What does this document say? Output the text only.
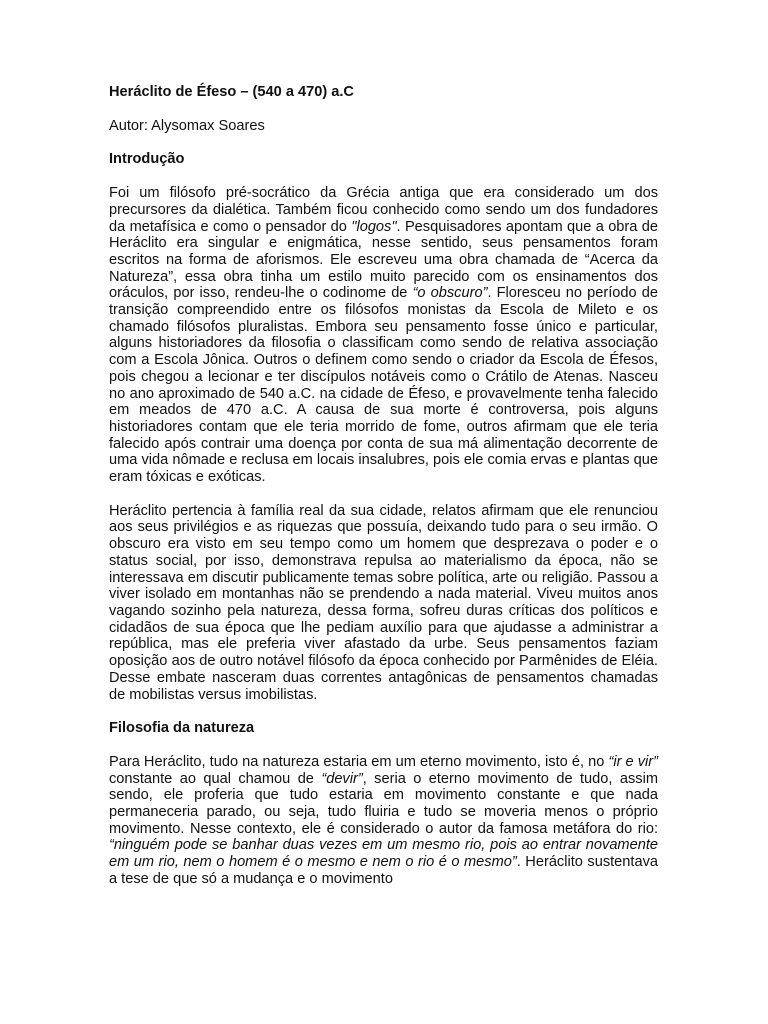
Heráclito de Éfeso – (540 a 470) a.C

Autor: Alysomax Soares

Introdução

Foi um filósofo pré-socrático da Grécia antiga que era considerado um dos precursores da dialética. Também ficou conhecido como sendo um dos fundadores da metafísica e como o pensador do "logos". Pesquisadores apontam que a obra de Heráclito era singular e enigmática, nesse sentido, seus pensamentos foram escritos na forma de aforismos. Ele escreveu uma obra chamada de “Acerca da Natureza”, essa obra tinha um estilo muito parecido com os ensinamentos dos oráculos, por isso, rendeu-lhe o codinome de “o obscuro”. Floresceu no período de transição compreendido entre os filósofos monistas da Escola de Mileto e os chamado filósofos pluralistas. Embora seu pensamento fosse único e particular, alguns historiadores da filosofia o classificam como sendo de relativa associação com a Escola Jônica. Outros o definem como sendo o criador da Escola de Éfesos, pois chegou a lecionar e ter discípulos notáveis como o Crátilo de Atenas. Nasceu no ano aproximado de 540 a.C. na cidade de Éfeso, e provavelmente tenha falecido em meados de 470 a.C. A causa de sua morte é controversa, pois alguns historiadores contam que ele teria morrido de fome, outros afirmam que ele teria falecido após contrair uma doença por conta de sua má alimentação decorrente de uma vida nômade e reclusa em locais insalubres, pois ele comia ervas e plantas que eram tóxicas e exóticas.

Heráclito pertencia à família real da sua cidade, relatos afirmam que ele renunciou aos seus privilégios e as riquezas que possuía, deixando tudo para o seu irmão. O obscuro era visto em seu tempo como um homem que desprezava o poder e o status social, por isso, demonstrava repulsa ao materialismo da época, não se interessava em discutir publicamente temas sobre política, arte ou religião. Passou a viver isolado em montanhas não se prendendo a nada material. Viveu muitos anos vagando sozinho pela natureza, dessa forma, sofreu duras críticas dos políticos e cidadãos de sua época que lhe pediam auxílio para que ajudasse a administrar a república, mas ele preferia viver afastado da urbe. Seus pensamentos faziam oposição aos de outro notável filósofo da época conhecido por Parmênides de Eléia. Desse embate nasceram duas correntes antagônicas de pensamentos chamadas de mobilistas versus imobilistas.

Filosofia da natureza

Para Heráclito, tudo na natureza estaria em um eterno movimento, isto é, no “ir e vir” constante ao qual chamou de “devir”, seria o eterno movimento de tudo, assim sendo, ele proferia que tudo estaria em movimento constante e que nada permaneceria parado, ou seja, tudo fluiria e tudo se moveria menos o próprio movimento. Nesse contexto, ele é considerado o autor da famosa metáfora do rio: “ninguém pode se banhar duas vezes em um mesmo rio, pois ao entrar novamente em um rio, nem o homem é o mesmo e nem o rio é o mesmo”. Heráclito sustentava a tese de que só a mudança e o movimento
